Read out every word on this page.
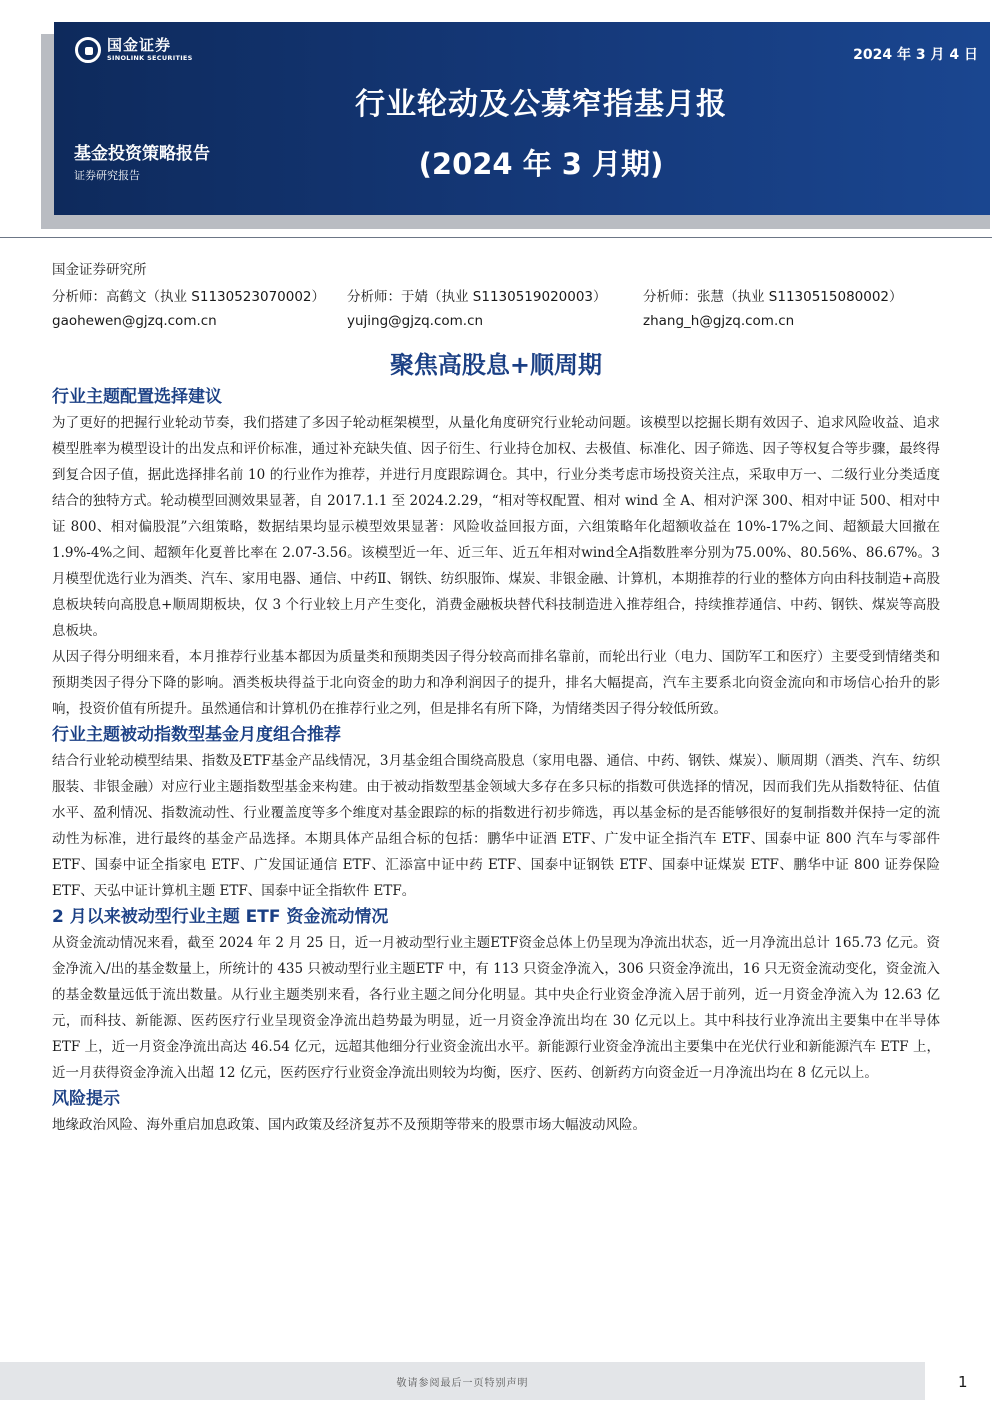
国金证券
SINOLINK SECURITIES	2024 年 3 月 4 日
行业轮动及公募窄指基月报
(2024 年 3 月期)
基金投资策略报告
证券研究报告
国金证券研究所
分析师：高鹤文（执业 S1130523070002） 分析师：于婧（执业 S1130519020003）	分析师：张慧（执业 S1130515080002）
gaohewen@gjzq.com.cn	yujing@gjzq.com.cn	zhang_h@gjzq.com.cn
聚焦高股息+顺周期
行业主题配置选择建议

为了更好的把握行业轮动节奏，我们搭建了多因子轮动框架模型，从量化角度研究行业轮动问题。该模型以挖掘长期有效因子、追求风险收益、追求模型胜率为模型设计的出发点和评价标准，通过补充缺失值、因子衍生、行业持仓加权、去极值、标准化、因子筛选、因子等权复合等步骤，最终得到复合因子值，据此选择排名前 10 的行业作为推荐，并进行月度跟踪调仓。其中，行业分类考虑市场投资关注点，采取申万一、二级行业分类适度结合的独特方式。轮动模型回测效果显著，自 2017.1.1 至 2024.2.29，“相对等权配置、相对 wind 全 A、相对沪深 300、相对中证 500、相对中证 800、相对偏股混”六组策略，数据结果均显示模型效果显著：风险收益回报方面，六组策略年化超额收益在 10%-17%之间、超额最大回撤在 1.9%-4%之间、超额年化夏普比率在 2.07-3.56。该模型近一年、近三年、近五年相对wind全A指数胜率分别为75.00%、80.56%、86.67%。3月模型优选行业为酒类、汽车、家用电器、通信、中药Ⅱ、钢铁、纺织服饰、煤炭、非银金融、计算机，本期推荐的行业的整体方向由科技制造+高股息板块转向高股息+顺周期板块，仅 3 个行业较上月产生变化，消费金融板块替代科技制造进入推荐组合，持续推荐通信、中药、钢铁、煤炭等高股息板块。

从因子得分明细来看，本月推荐行业基本都因为质量类和预期类因子得分较高而排名靠前，而轮出行业（电力、国防军工和医疗）主要受到情绪类和预期类因子得分下降的影响。酒类板块得益于北向资金的助力和净利润因子的提升，排名大幅提高，汽车主要系北向资金流向和市场信心抬升的影响，投资价值有所提升。虽然通信和计算机仍在推荐行业之列，但是排名有所下降，为情绪类因子得分较低所致。

行业主题被动指数型基金月度组合推荐

结合行业轮动模型结果、指数及ETF基金产品线情况，3月基金组合围绕高股息（家用电器、通信、中药、钢铁、煤炭）、顺周期（酒类、汽车、纺织服装、非银金融）对应行业主题指数型基金来构建。由于被动指数型基金领域大多存在多只标的指数可供选择的情况，因而我们先从指数特征、估值水平、盈利情况、指数流动性、行业覆盖度等多个维度对基金跟踪的标的指数进行初步筛选，再以基金标的是否能够很好的复制指数并保持一定的流动性为标准，进行最终的基金产品选择。本期具体产品组合标的包括：鹏华中证酒 ETF、广发中证全指汽车 ETF、国泰中证 800 汽车与零部件 ETF、国泰中证全指家电 ETF、广发国证通信 ETF、汇添富中证中药 ETF、国泰中证钢铁 ETF、国泰中证煤炭 ETF、鹏华中证 800 证券保险 ETF、天弘中证计算机主题 ETF、国泰中证全指软件 ETF。

2 月以来被动型行业主题 ETF 资金流动情况

从资金流动情况来看，截至 2024 年 2 月 25 日，近一月被动型行业主题ETF资金总体上仍呈现为净流出状态，近一月净流出总计 165.73 亿元。资金净流入/出的基金数量上，所统计的 435 只被动型行业主题ETF 中，有 113 只资金净流入，306 只资金净流出，16 只无资金流动变化，资金流入的基金数量远低于流出数量。从行业主题类别来看，各行业主题之间分化明显。其中央企行业资金净流入居于前列，近一月资金净流入为 12.63 亿元，而科技、新能源、医药医疗行业呈现资金净流出趋势最为明显，近一月资金净流出均在 30 亿元以上。其中科技行业净流出主要集中在半导体 ETF 上，近一月资金净流出高达 46.54 亿元，远超其他细分行业资金流出水平。新能源行业资金净流出主要集中在光伏行业和新能源汽车 ETF 上，近一月获得资金净流入出超 12 亿元，医药医疗行业资金净流出则较为均衡，医疗、医药、创新药方向资金近一月净流出均在 8 亿元以上。

风险提示

地缘政治风险、海外重启加息政策、国内政策及经济复苏不及预期等带来的股票市场大幅波动风险。

敬请参阅最后一页特别声明	1
